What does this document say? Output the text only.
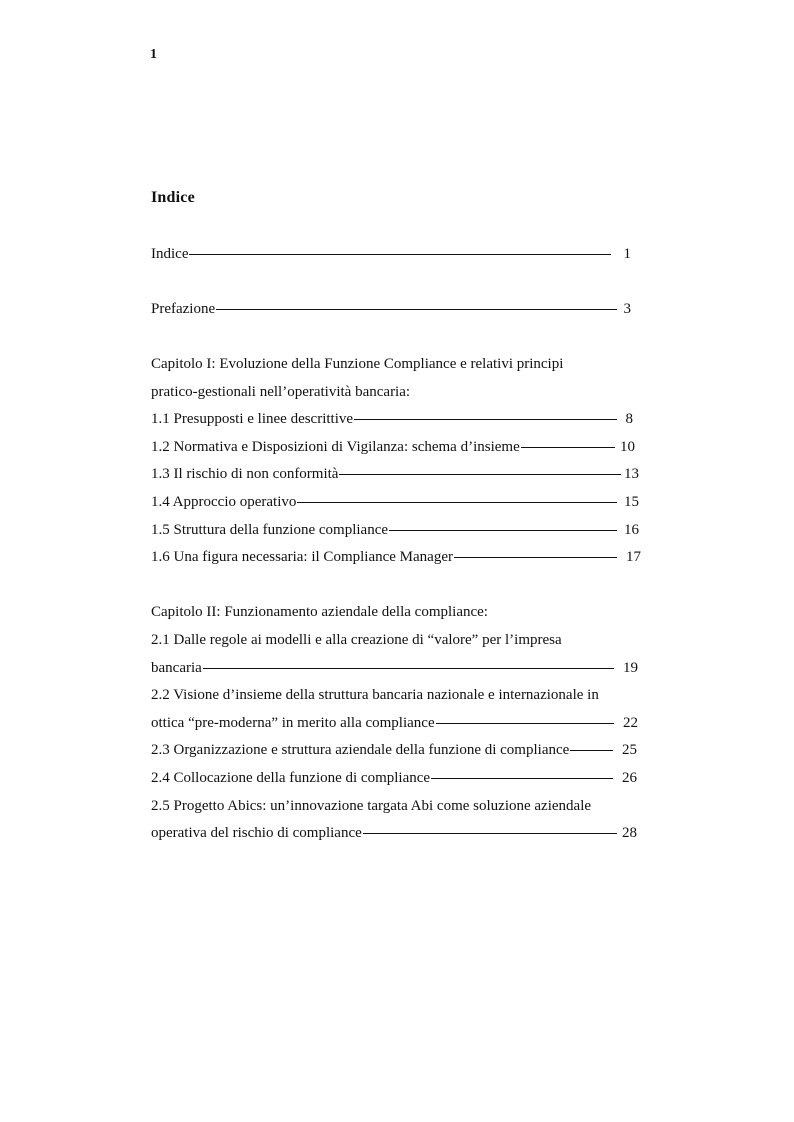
1
Indice
Indice	1
Prefazione	3
Capitolo I: Evoluzione della Funzione Compliance e relativi principi
pratico-gestionali nell’operatività bancaria:
1.1 Presupposti e linee descrittive	8
1.2 Normativa e Disposizioni di Vigilanza: schema d’insieme	10
1.3 Il rischio di non conformità	13
1.4 Approccio operativo	15
1.5 Struttura della funzione compliance	16
1.6 Una figura necessaria: il Compliance Manager	17
Capitolo II: Funzionamento aziendale della compliance:
2.1 Dalle regole ai modelli e alla creazione di “valore” per l’impresa
bancaria	19
2.2 Visione d’insieme della struttura bancaria nazionale e internazionale in
ottica “pre-moderna” in merito alla compliance	22
2.3 Organizzazione e struttura aziendale della funzione di compliance	25
2.4 Collocazione della funzione di compliance	26
2.5 Progetto Abics: un’innovazione targata Abi come soluzione aziendale
operativa del rischio di compliance	28
